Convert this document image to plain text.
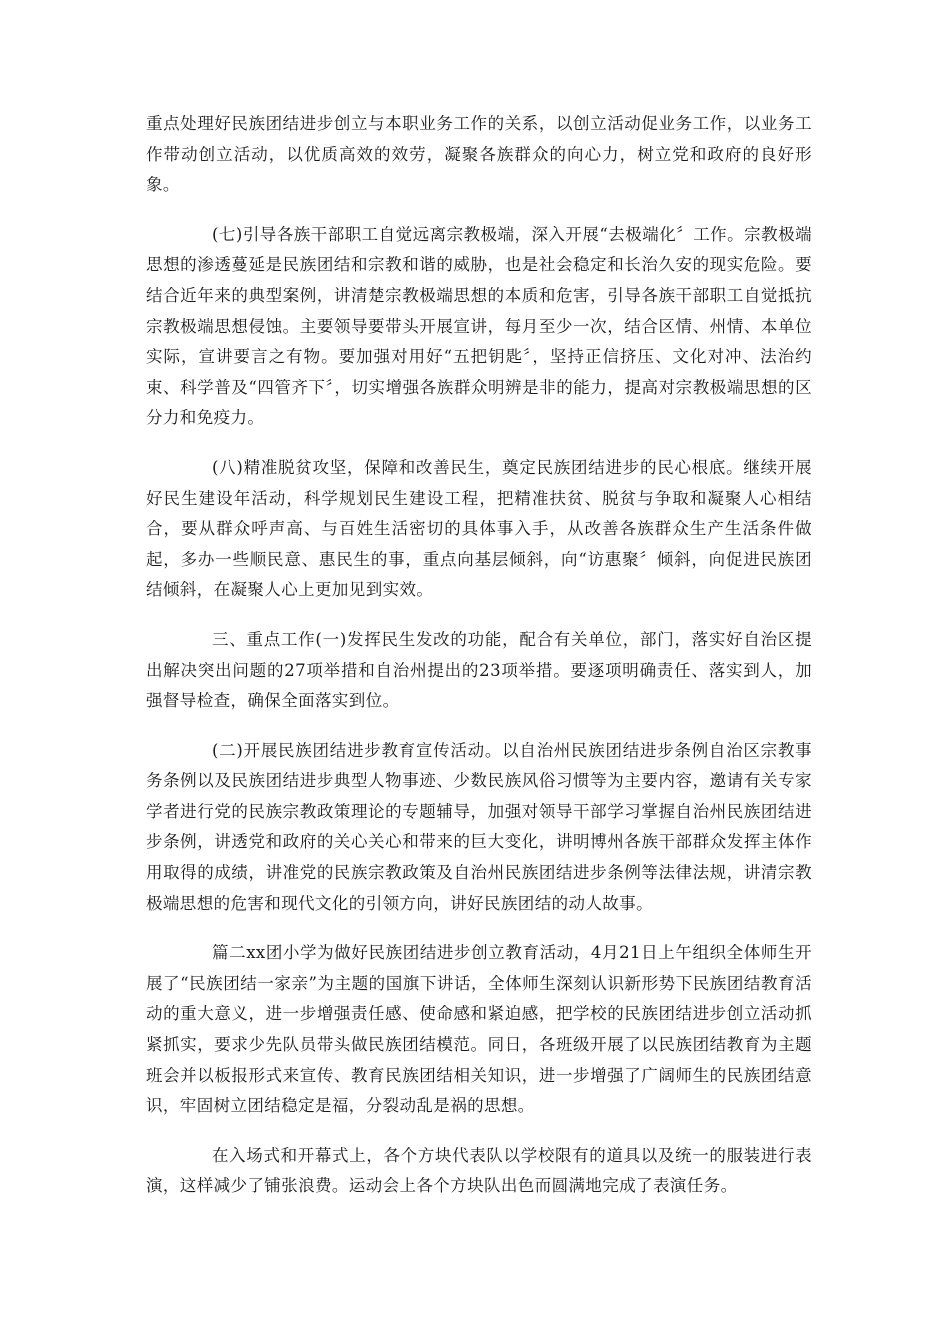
重点处理好民族团结进步创立与本职业务工作的关系，以创立活动促业务工作，以业务工作带动创立活动，以优质高效的效劳，凝聚各族群众的向心力，树立党和政府的良好形象。

(七)引导各族干部职工自觉远离宗教极端，深入开展“去极端化〞工作。宗教极端思想的渗透蔓延是民族团结和宗教和谐的威胁，也是社会稳定和长治久安的现实危险。要结合近年来的典型案例，讲清楚宗教极端思想的本质和危害，引导各族干部职工自觉抵抗宗教极端思想侵蚀。主要领导要带头开展宣讲，每月至少一次，结合区情、州情、本单位实际，宣讲要言之有物。要加强对用好“五把钥匙〞，坚持正信挤压、文化对冲、法治约束、科学普及“四管齐下〞，切实增强各族群众明辨是非的能力，提高对宗教极端思想的区分力和免疫力。

(八)精准脱贫攻坚，保障和改善民生，奠定民族团结进步的民心根底。继续开展好民生建设年活动，科学规划民生建设工程，把精准扶贫、脱贫与争取和凝聚人心相结合，要从群众呼声高、与百姓生活密切的具体事入手，从改善各族群众生产生活条件做起，多办一些顺民意、惠民生的事，重点向基层倾斜，向“访惠聚〞倾斜，向促进民族团结倾斜，在凝聚人心上更加见到实效。

三、重点工作(一)发挥民生发改的功能，配合有关单位，部门，落实好自治区提出解决突出问题的27项举措和自治州提出的23项举措。要逐项明确责任、落实到人，加强督导检查，确保全面落实到位。

(二)开展民族团结进步教育宣传活动。以自治州民族团结进步条例自治区宗教事务条例以及民族团结进步典型人物事迹、少数民族风俗习惯等为主要内容，邀请有关专家学者进行党的民族宗教政策理论的专题辅导，加强对领导干部学习掌握自治州民族团结进步条例，讲透党和政府的关心关心和带来的巨大变化，讲明博州各族干部群众发挥主体作用取得的成绩，讲准党的民族宗教政策及自治州民族团结进步条例等法律法规，讲清宗教极端思想的危害和现代文化的引领方向，讲好民族团结的动人故事。

篇二xx团小学为做好民族团结进步创立教育活动，4月21日上午组织全体师生开展了“民族团结一家亲”为主题的国旗下讲话，全体师生深刻认识新形势下民族团结教育活动的重大意义，进一步增强责任感、使命感和紧迫感，把学校的民族团结进步创立活动抓紧抓实，要求少先队员带头做民族团结模范。同日，各班级开展了以民族团结教育为主题班会并以板报形式来宣传、教育民族团结相关知识，进一步增强了广阔师生的民族团结意识，牢固树立团结稳定是福，分裂动乱是祸的思想。

在入场式和开幕式上，各个方块代表队以学校限有的道具以及统一的服装进行表演，这样减少了铺张浪费。运动会上各个方块队出色而圆满地完成了表演任务。
